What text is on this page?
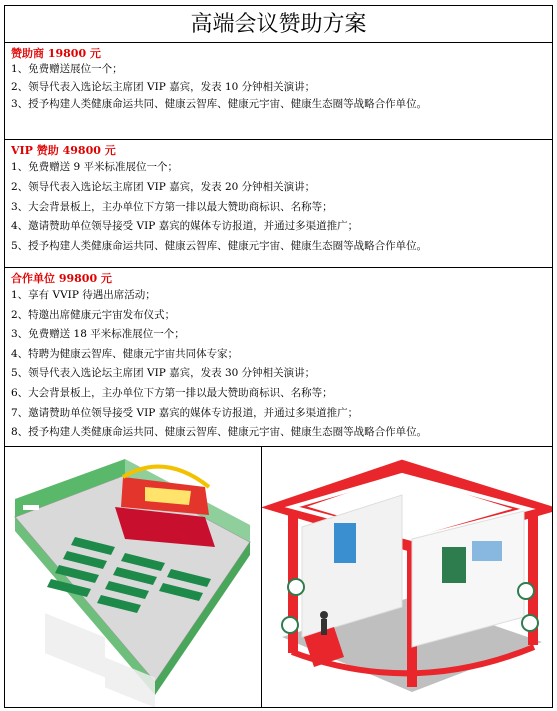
高端会议赞助方案
赞助商 19800 元
1、免费赠送展位一个；
2、领导代表入选论坛主席团 VIP 嘉宾，发表 10 分钟相关演讲；
3、授予构建人类健康命运共同、健康云智库、健康元宇宙、健康生态圈等战略合作单位。
VIP 赞助 49800 元
1、免费赠送 9 平米标准展位一个；
2、领导代表入选论坛主席团 VIP 嘉宾，发表 20 分钟相关演讲；
3、大会背景板上，主办单位下方第一排以最大赞助商标识、名称等；
4、邀请赞助单位领导接受 VIP 嘉宾的媒体专访报道，并通过多渠道推广；
5、授予构建人类健康命运共同、健康云智库、健康元宇宙、健康生态圈等战略合作单位。
合作单位 99800 元
1、享有 VVIP 待遇出席活动；
2、特邀出席健康元宇宙发布仪式；
3、免费赠送 18 平米标准展位一个；
4、特聘为健康云智库、健康元宇宙共同体专家；
5、领导代表入选论坛主席团 VIP 嘉宾，发表 30 分钟相关演讲；
6、大会背景板上，主办单位下方第一排以最大赞助商标识、名称等；
7、邀请赞助单位领导接受 VIP 嘉宾的媒体专访报道，并通过多渠道推广；
8、授予构建人类健康命运共同、健康云智库、健康元宇宙、健康生态圈等战略合作单位。
